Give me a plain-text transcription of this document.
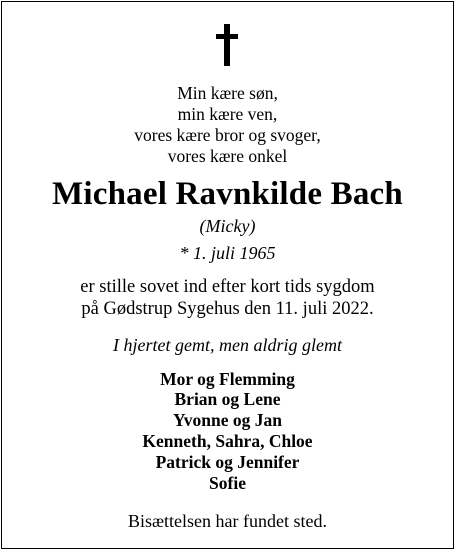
Min kære søn,
min kære ven,
vores kære bror og svoger,
vores kære onkel
Michael Ravnkilde Bach
(Micky)
* 1. juli 1965
er stille sovet ind efter kort tids sygdom
på Gødstrup Sygehus den 11. juli 2022.
I hjertet gemt, men aldrig glemt
Mor og Flemming
Brian og Lene
Yvonne og Jan
Kenneth, Sahra, Chloe
Patrick og Jennifer
Sofie
Bisættelsen har fundet sted.
